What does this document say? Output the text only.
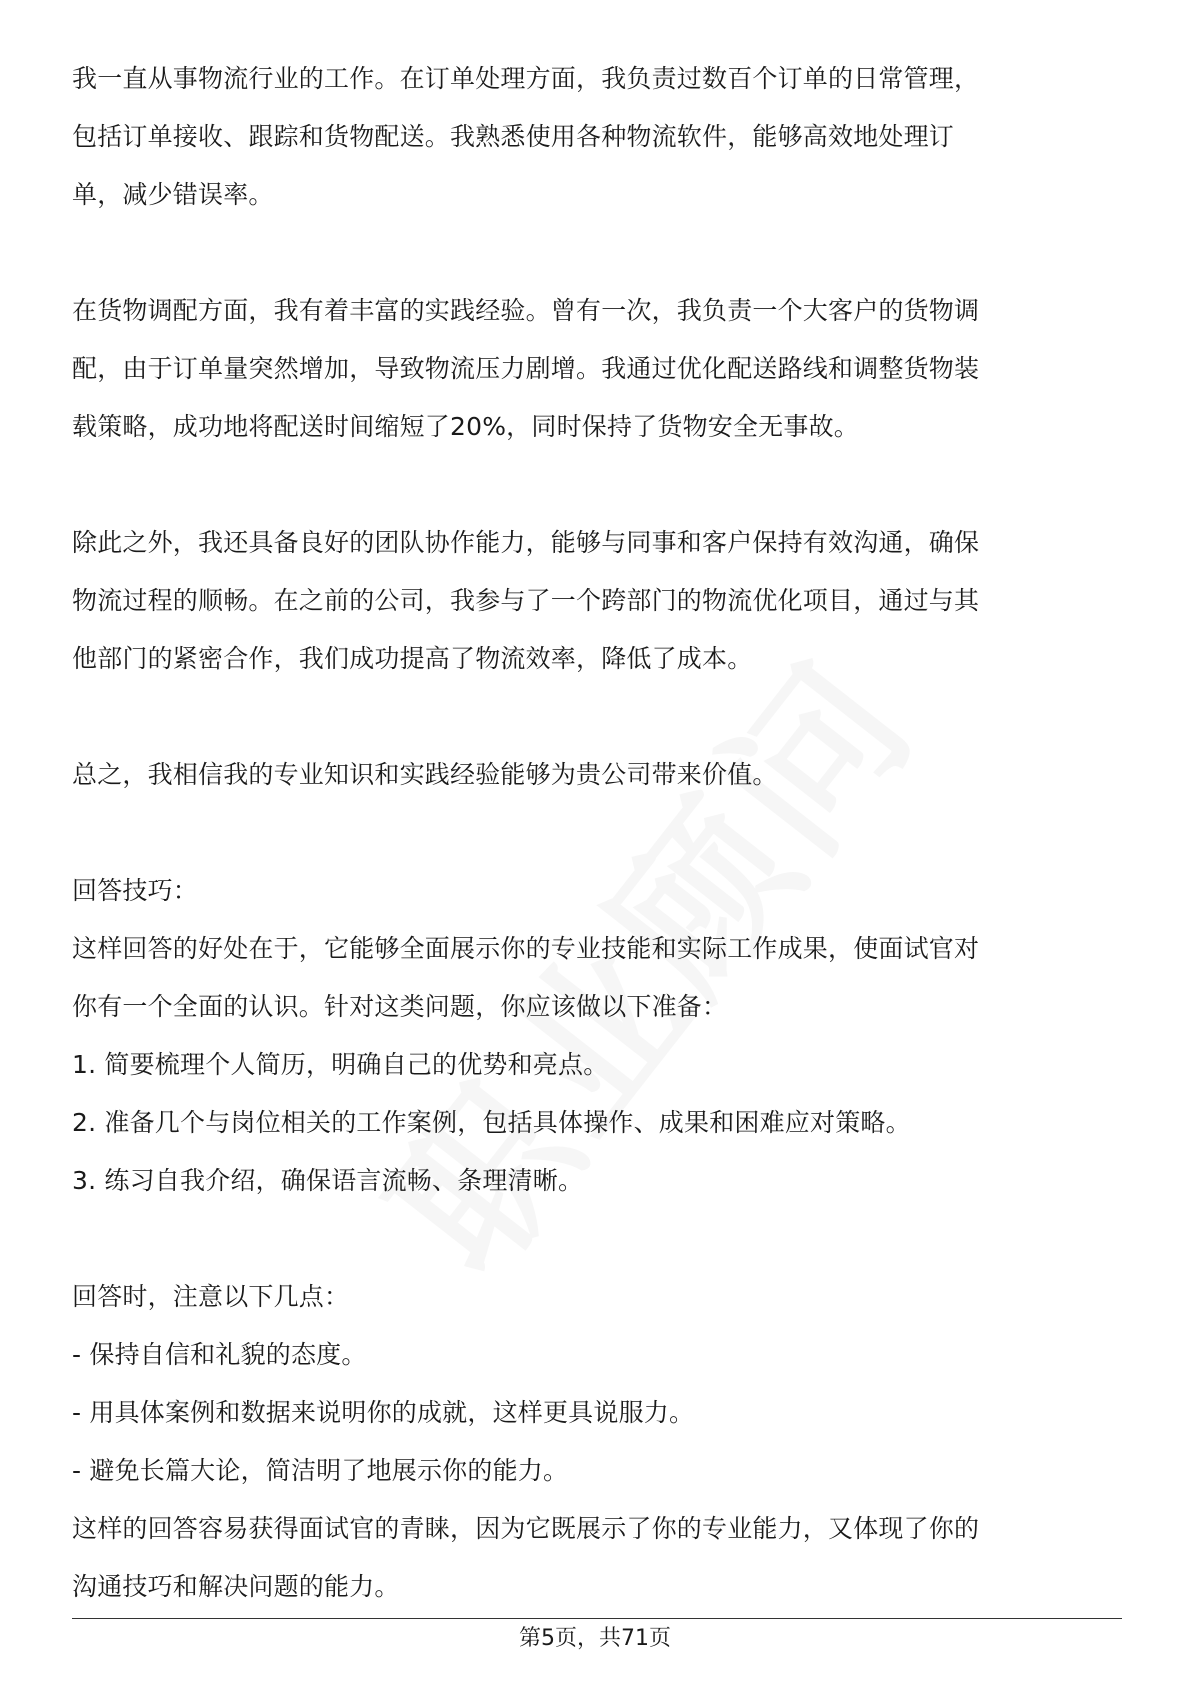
我一直从事物流行业的工作。在订单处理方面，我负责过数百个订单的日常管理，
包括订单接收、跟踪和货物配送。我熟悉使用各种物流软件，能够高效地处理订
单，减少错误率。
在货物调配方面，我有着丰富的实践经验。曾有一次，我负责一个大客户的货物调
配，由于订单量突然增加，导致物流压力剧增。我通过优化配送路线和调整货物装
载策略，成功地将配送时间缩短了20%，同时保持了货物安全无事故。
除此之外，我还具备良好的团队协作能力，能够与同事和客户保持有效沟通，确保
物流过程的顺畅。在之前的公司，我参与了一个跨部门的物流优化项目，通过与其
他部门的紧密合作，我们成功提高了物流效率，降低了成本。
总之，我相信我的专业知识和实践经验能够为贵公司带来价值。
回答技巧：
这样回答的好处在于，它能够全面展示你的专业技能和实际工作成果，使面试官对
你有一个全面的认识。针对这类问题，你应该做以下准备：
1. 简要梳理个人简历，明确自己的优势和亮点。
2. 准备几个与岗位相关的工作案例，包括具体操作、成果和困难应对策略。
3. 练习自我介绍，确保语言流畅、条理清晰。
回答时，注意以下几点：
- 保持自信和礼貌的态度。
- 用具体案例和数据来说明你的成就，这样更具说服力。
- 避免长篇大论，简洁明了地展示你的能力。
这样的回答容易获得面试官的青睐，因为它既展示了你的专业能力，又体现了你的
沟通技巧和解决问题的能力。
第5页，共71页
